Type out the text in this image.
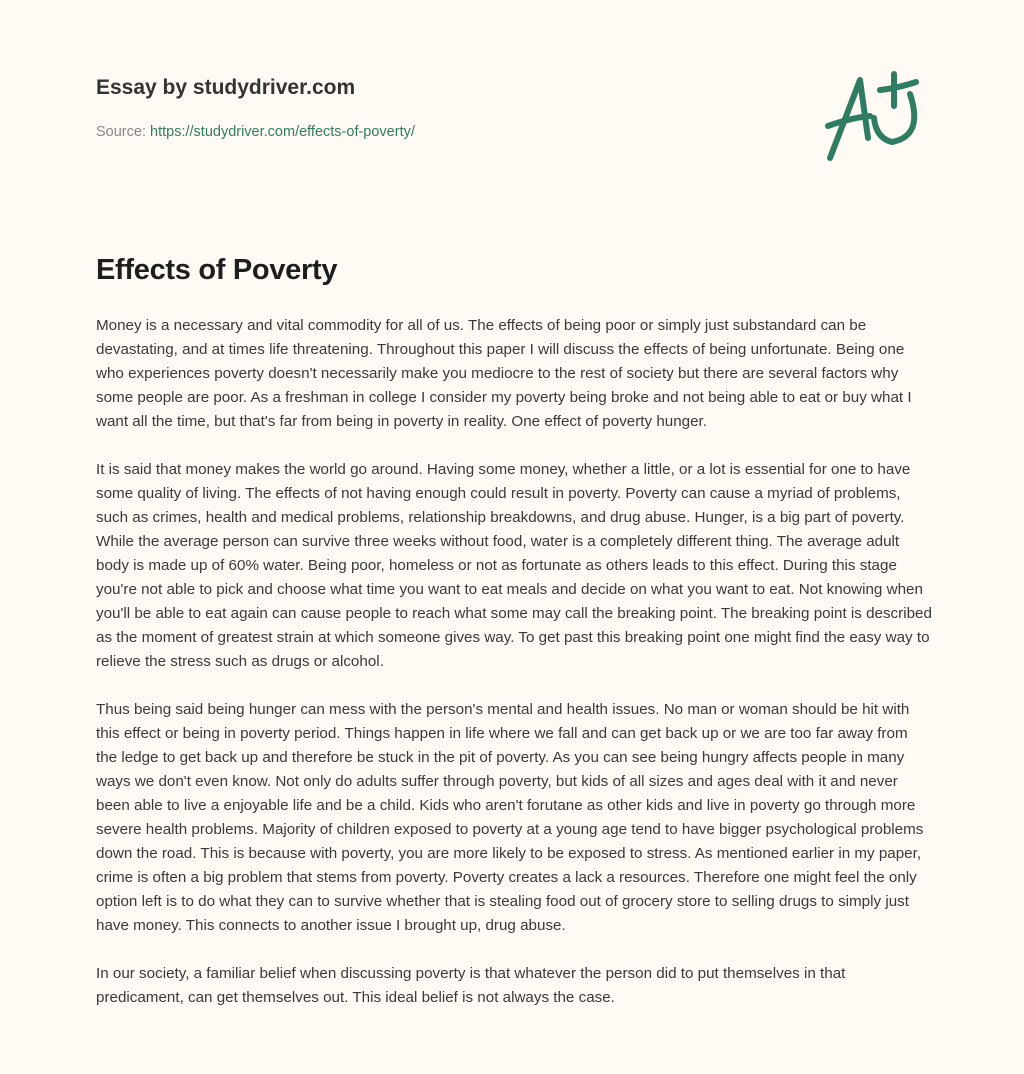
Essay by studydriver.com
Source: https://studydriver.com/effects-of-poverty/
Effects of Poverty

Money is a necessary and vital commodity for all of us. The effects of being poor or simply just substandard can be devastating, and at times life threatening. Throughout this paper I will discuss the effects of being unfortunate. Being one who experiences poverty doesn't necessarily make you mediocre to the rest of society but there are several factors why some people are poor. As a freshman in college I consider my poverty being broke and not being able to eat or buy what I want all the time, but that's far from being in poverty in reality. One effect of poverty hunger.

It is said that money makes the world go around. Having some money, whether a little, or a lot is essential for one to have some quality of living. The effects of not having enough could result in poverty. Poverty can cause a myriad of problems, such as crimes, health and medical problems, relationship breakdowns, and drug abuse. Hunger, is a big part of poverty. While the average person can survive three weeks without food, water is a completely different thing. The average adult body is made up of 60% water. Being poor, homeless or not as fortunate as others leads to this effect. During this stage you're not able to pick and choose what time you want to eat meals and decide on what you want to eat. Not knowing when you'll be able to eat again can cause people to reach what some may call the breaking point. The breaking point is described as the moment of greatest strain at which someone gives way. To get past this breaking point one might find the easy way to relieve the stress such as drugs or alcohol.

Thus being said being hunger can mess with the person's mental and health issues. No man or woman should be hit with this effect or being in poverty period. Things happen in life where we fall and can get back up or we are too far away from the ledge to get back up and therefore be stuck in the pit of poverty. As you can see being hungry affects people in many ways we don't even know. Not only do adults suffer through poverty, but kids of all sizes and ages deal with it and never been able to live a enjoyable life and be a child. Kids who aren't forutane as other kids and live in poverty go through more severe health problems. Majority of children exposed to poverty at a young age tend to have bigger psychological problems down the road. This is because with poverty, you are more likely to be exposed to stress. As mentioned earlier in my paper, crime is often a big problem that stems from poverty. Poverty creates a lack a resources. Therefore one might feel the only option left is to do what they can to survive whether that is stealing food out of grocery store to selling drugs to simply just have money. This connects to another issue I brought up, drug abuse.

In our society, a familiar belief when discussing poverty is that whatever the person did to put themselves in that predicament, can get themselves out. This ideal belief is not always the case.
